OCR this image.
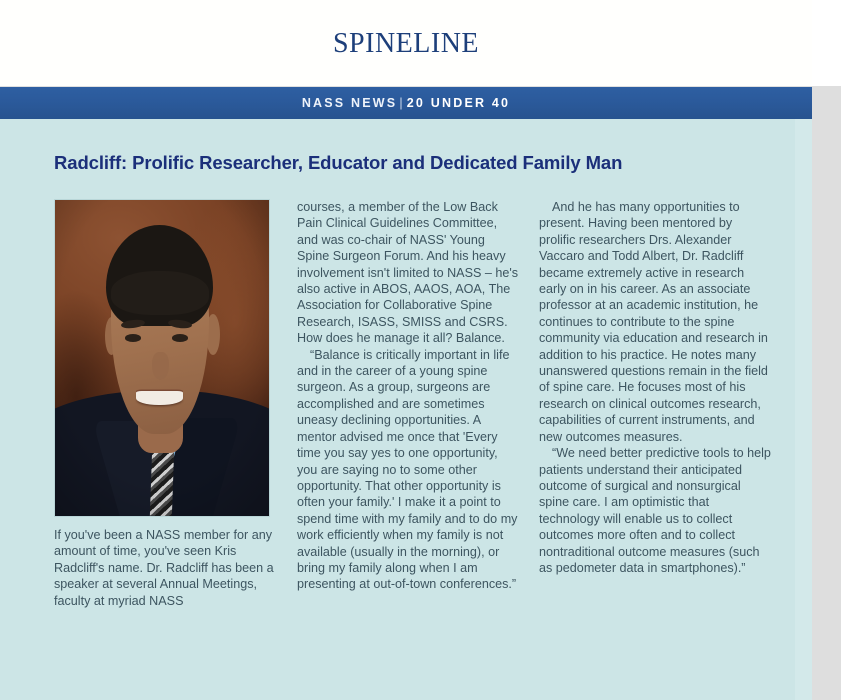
spineline
NASS NEWS | 20 UNDER 40
Radcliff: Prolific Researcher, Educator and Dedicated Family Man
If you've been a NASS member for any amount of time, you've seen Kris Radcliff's name. Dr. Radcliff has been a speaker at several Annual Meetings, faculty at myriad NASS

courses, a member of the Low Back Pain Clinical Guidelines Committee, and was co-chair of NASS' Young Spine Surgeon Forum. And his heavy involvement isn't limited to NASS – he's also active in ABOS, AAOS, AOA, The Association for Collaborative Spine Research, ISASS, SMISS and CSRS. How does he manage it all? Balance.

“Balance is critically important in life and in the career of a young spine surgeon. As a group, surgeons are accomplished and are sometimes uneasy declining opportunities. A mentor advised me once that 'Every time you say yes to one opportunity, you are saying no to some other opportunity. That other opportunity is often your family.' I make it a point to spend time with my family and to do my work efficiently when my family is not available (usually in the morning), or bring my family along when I am presenting at out-of-town conferences.”

And he has many opportunities to present. Having been mentored by prolific researchers Drs. Alexander Vaccaro and Todd Albert, Dr. Radcliff became extremely active in research early on in his career. As an associate professor at an academic institution, he continues to contribute to the spine community via education and research in addition to his practice. He notes many unanswered questions remain in the field of spine care. He focuses most of his research on clinical outcomes research, capabilities of current instruments, and new outcomes measures.

“We need better predictive tools to help patients understand their anticipated outcome of surgical and nonsurgical spine care. I am optimistic that technology will enable us to collect outcomes more often and to collect nontraditional outcome measures (such as pedometer data in smartphones).”
